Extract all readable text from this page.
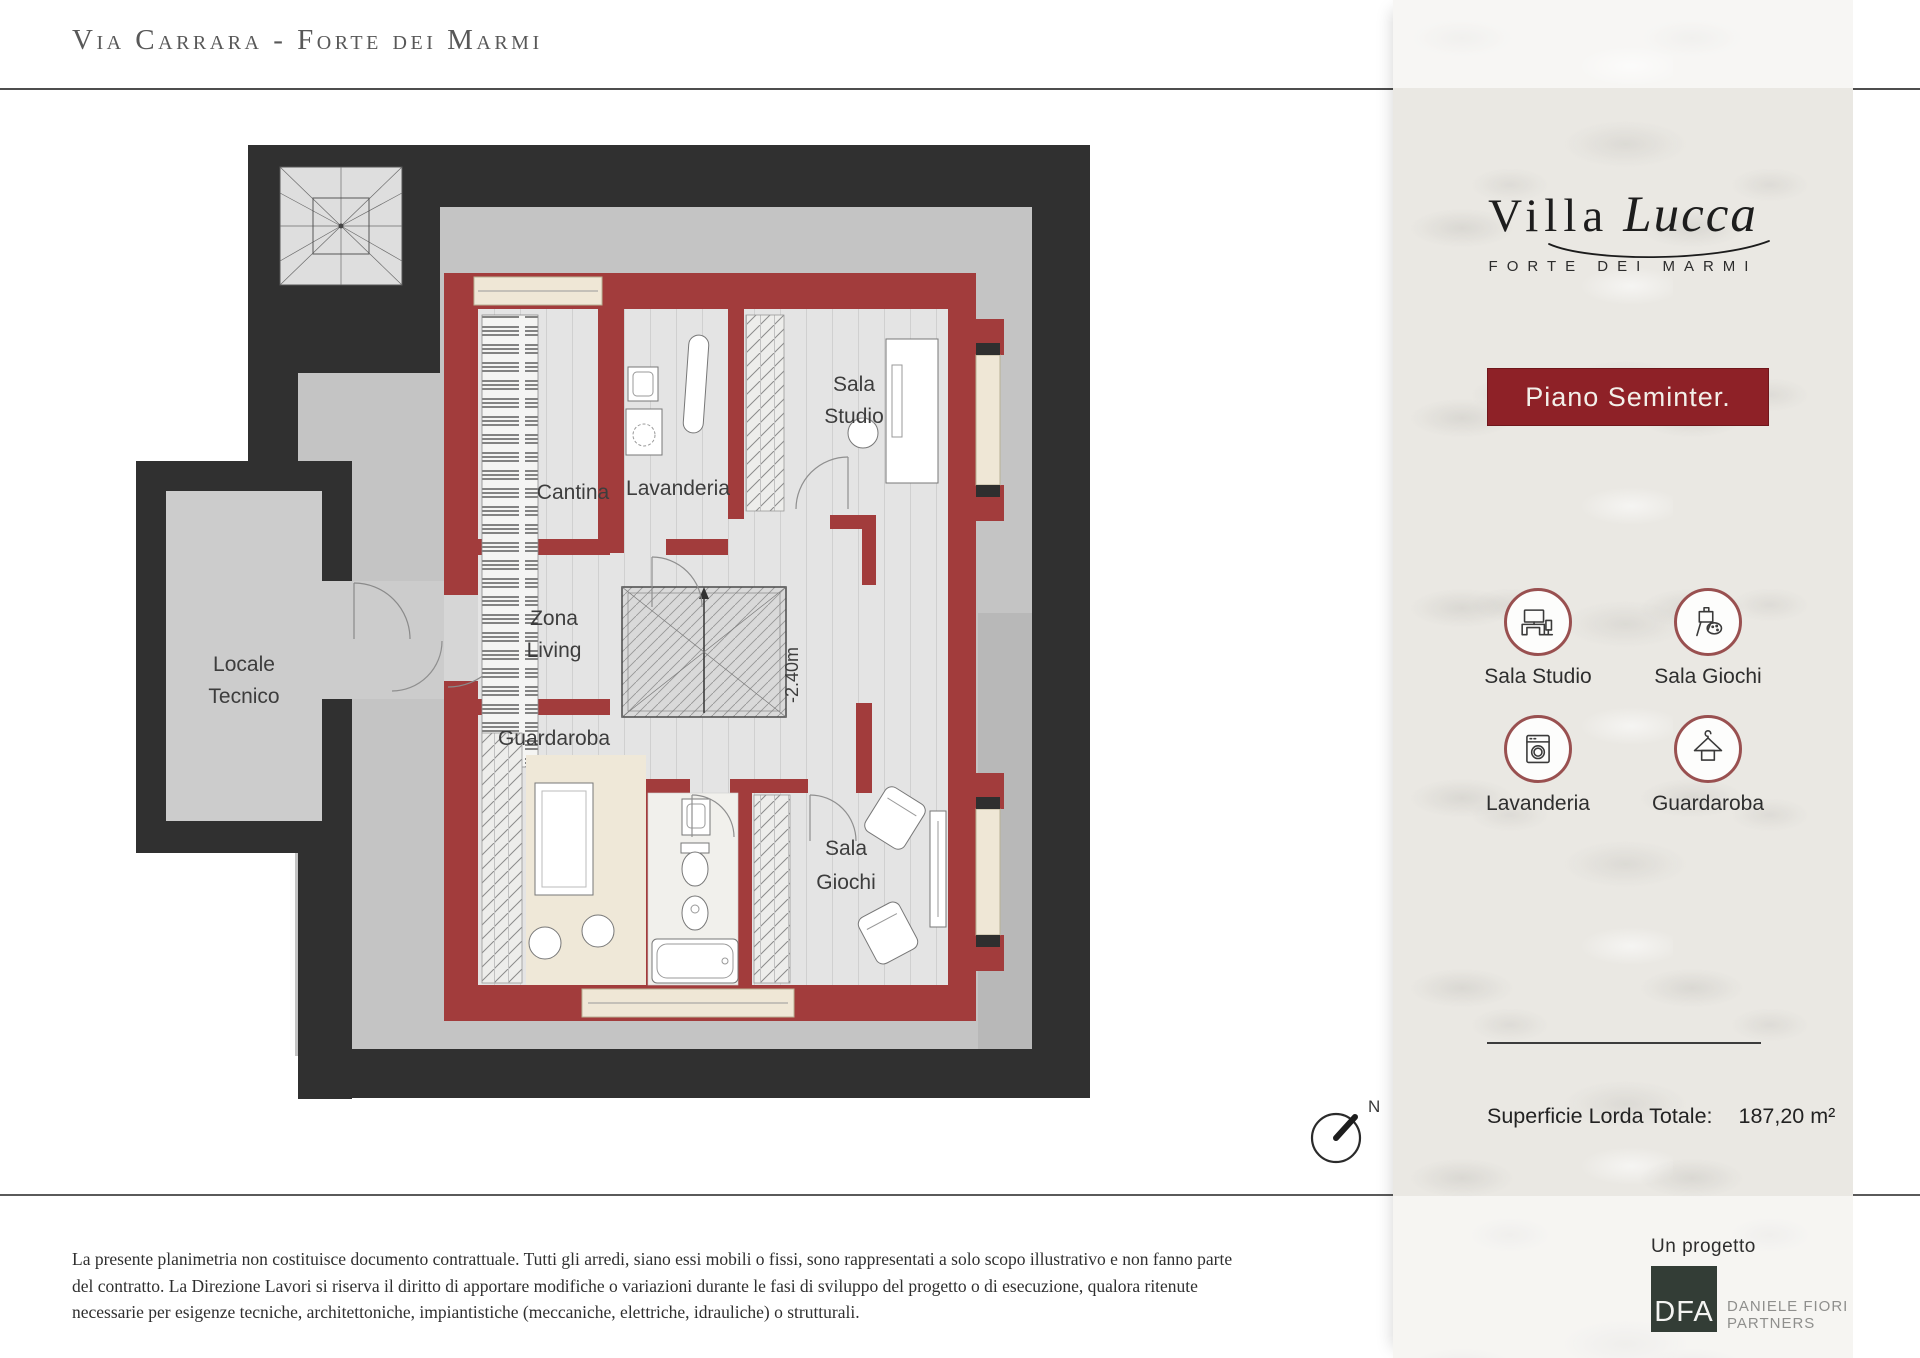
Via Carrara - Forte dei Marmi
Cantina Lavanderia
Sala
Studio
Locale
Tecnico
Zona
Living
Guardaroba
Sala
Giochi
-2.40m
N
La presente planimetria non costituisce documento contrattuale. Tutti gli arredi, siano essi mobili o fissi, sono rappresentati a solo scopo illustrativo e non fanno parte del contratto. La Direzione Lavori si riserva il diritto di apportare modifiche o variazioni durante le fasi di sviluppo del progetto o di esecuzione, qualora ritenute necessarie per esigenze tecniche, architettoniche, impiantistiche (meccaniche, elettriche, idrauliche) o strutturali.
Villa Lucca
FORTE DEI MARMI
Piano Seminter.
Sala Studio	Sala Giochi
Lavanderia	Guardaroba
Superficie Lorda Totale: 187,20 m²
Un progetto
DFA DANIELE FIORI
PARTNERS
